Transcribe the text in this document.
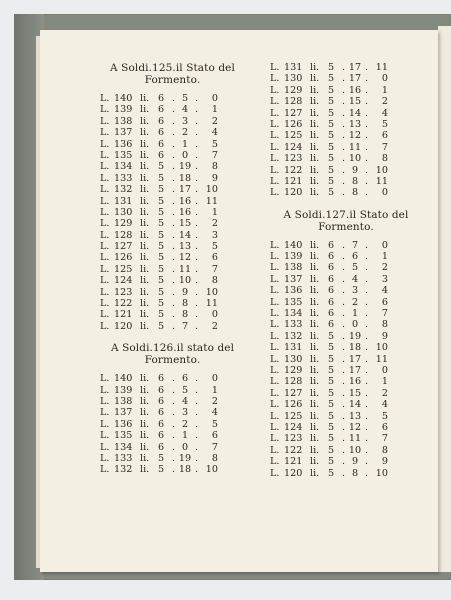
A Soldi.125.il Stato del
Formento.
L. 140 li. 6 . 5 .	0
L. 139 li. 6 . 4 .	1
L. 138 li. 6 . 3 .	2
L. 137 li. 6 . 2 .	4
L. 136 li. 6 . 1 .	5
L. 135 li. 6 . 0 .	7
L. 134 li. 5 . 19 .	8
L. 133 li. 5 . 18 .	9
L. 132 li. 5 . 17 . 10
L. 131 li. 5 . 16 . 11
L. 130 li. 5 . 16 .	1
L. 129 li. 5 . 15 .	2
L. 128 li. 5 . 14 .	3
L. 127 li. 5 . 13 .	5
L. 126 li. 5 . 12 .	6
L. 125 li. 5 . 11 .	7
L. 124 li. 5 . 10 .	8
L. 123 li. 5 . 9 . 10
L. 122 li. 5 . 8 . 11
L. 121 li. 5 . 8 .	0
L. 120 li. 5 . 7 .	2
A Soldi.126.il stato del
Formento.
L. 140 li. 6 . 6 .	0
L. 139 li. 6 . 5 .	1
L. 138 li. 6 . 4 .	2
L. 137 li. 6 . 3 .	4
L. 136 li. 6 . 2 .	5
L. 135 li. 6 . 1 .	6
L. 134 li. 6 . 0 .	7
L. 133 li. 5 . 19 .	8
L. 132 li. 5 . 18 . 10
L. 131 li. 5 . 17 . 11
L. 130 li. 5 . 17 .	0
L. 129 li. 5 . 16 .	1
L. 128 li. 5 . 15 .	2
L. 127 li. 5 . 14 .	4
L. 126 li. 5 . 13 .	5
L. 125 li. 5 . 12 .	6
L. 124 li. 5 . 11 .	7
L. 123 li. 5 . 10 .	8
L. 122 li. 5 . 9 . 10
L. 121 li. 5 . 8 . 11
L. 120 li. 5 . 8 .	0
A Soldi.127.il Stato del
Formento.
L. 140 li. 6 . 7 .	0
L. 139 li. 6 . 6 .	1
L. 138 li. 6 . 5 .	2
L. 137 li. 6 . 4 .	3
L. 136 li. 6 . 3 .	4
L. 135 li. 6 . 2 .	6
L. 134 li. 6 . 1 .	7
L. 133 li. 6 . 0 .	8
L. 132 li. 5 . 19 .	9
L. 131 li. 5 . 18 . 10
L. 130 li. 5 . 17 . 11
L. 129 li. 5 . 17 .	0
L. 128 li. 5 . 16 .	1
L. 127 li. 5 . 15 .	2
L. 126 li. 5 . 14 .	4
L. 125 li. 5 . 13 .	5
L. 124 li. 5 . 12 .	6
L. 123 li. 5 . 11 .	7
L. 122 li. 5 . 10 .	8
L. 121 li. 5 . 9 .	9
L. 120 li. 5 . 8 . 10
